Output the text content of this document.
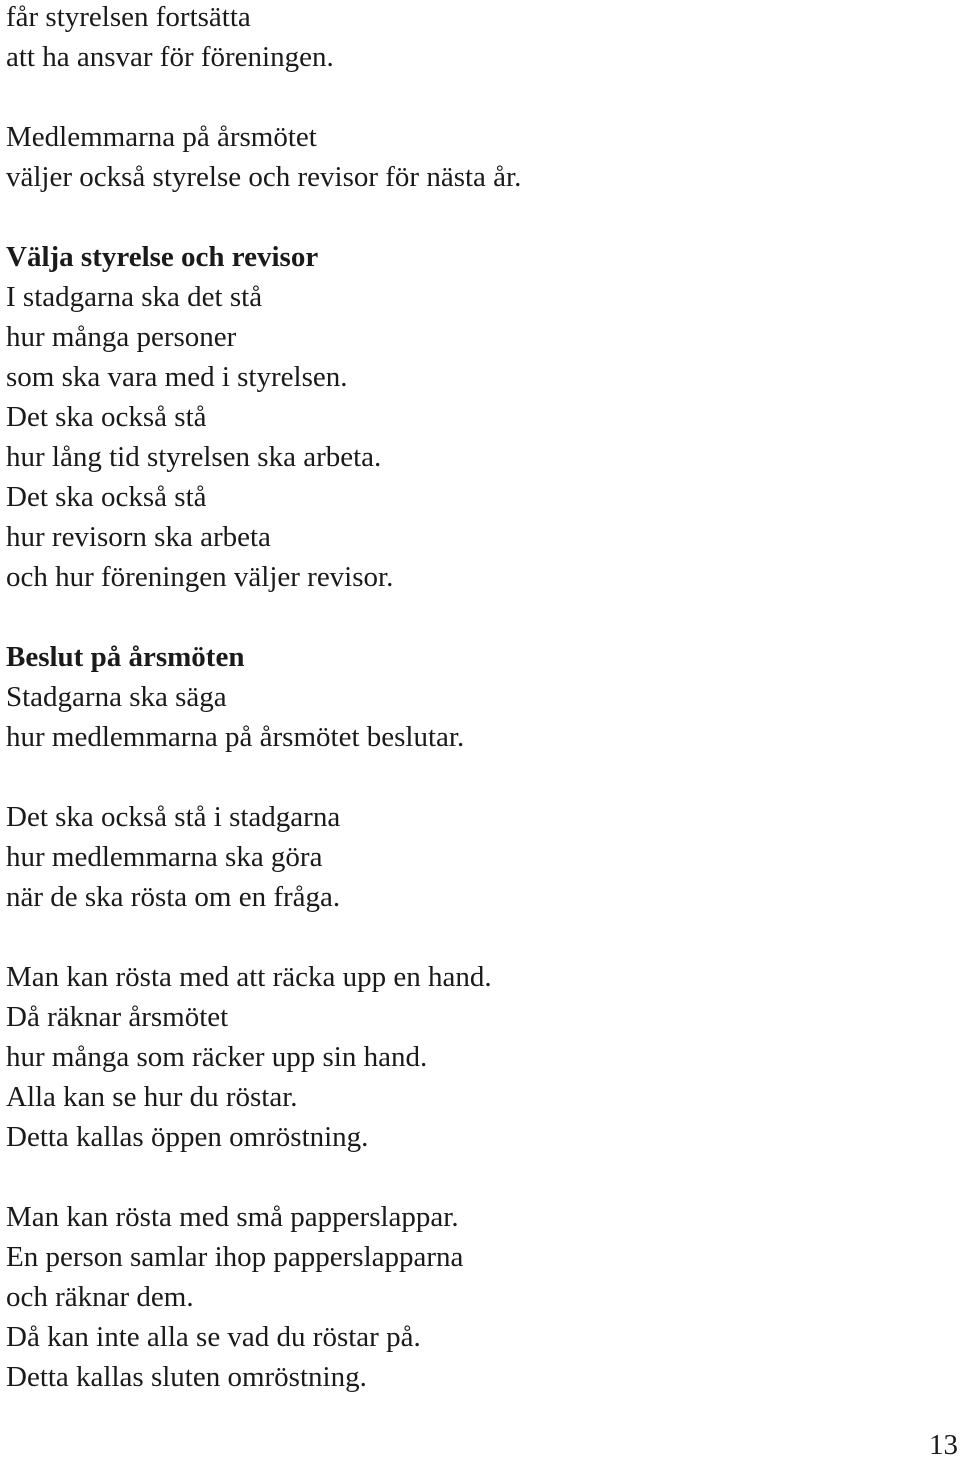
får styrelsen fortsätta
att ha ansvar för föreningen.
Medlemmarna på årsmötet
väljer också styrelse och revisor för nästa år.
Välja styrelse och revisor
I stadgarna ska det stå
hur många personer
som ska vara med i styrelsen.
Det ska också stå
hur lång tid styrelsen ska arbeta.
Det ska också stå
hur revisorn ska arbeta
och hur föreningen väljer revisor.
Beslut på årsmöten
Stadgarna ska säga
hur medlemmarna på årsmötet beslutar.
Det ska också stå i stadgarna
hur medlemmarna ska göra
när de ska rösta om en fråga.
Man kan rösta med att räcka upp en hand.
Då räknar årsmötet
hur många som räcker upp sin hand.
Alla kan se hur du röstar.
Detta kallas öppen omröstning.
Man kan rösta med små papperslappar.
En person samlar ihop papperslapparna
och räknar dem.
Då kan inte alla se vad du röstar på.
Detta kallas sluten omröstning.
13
